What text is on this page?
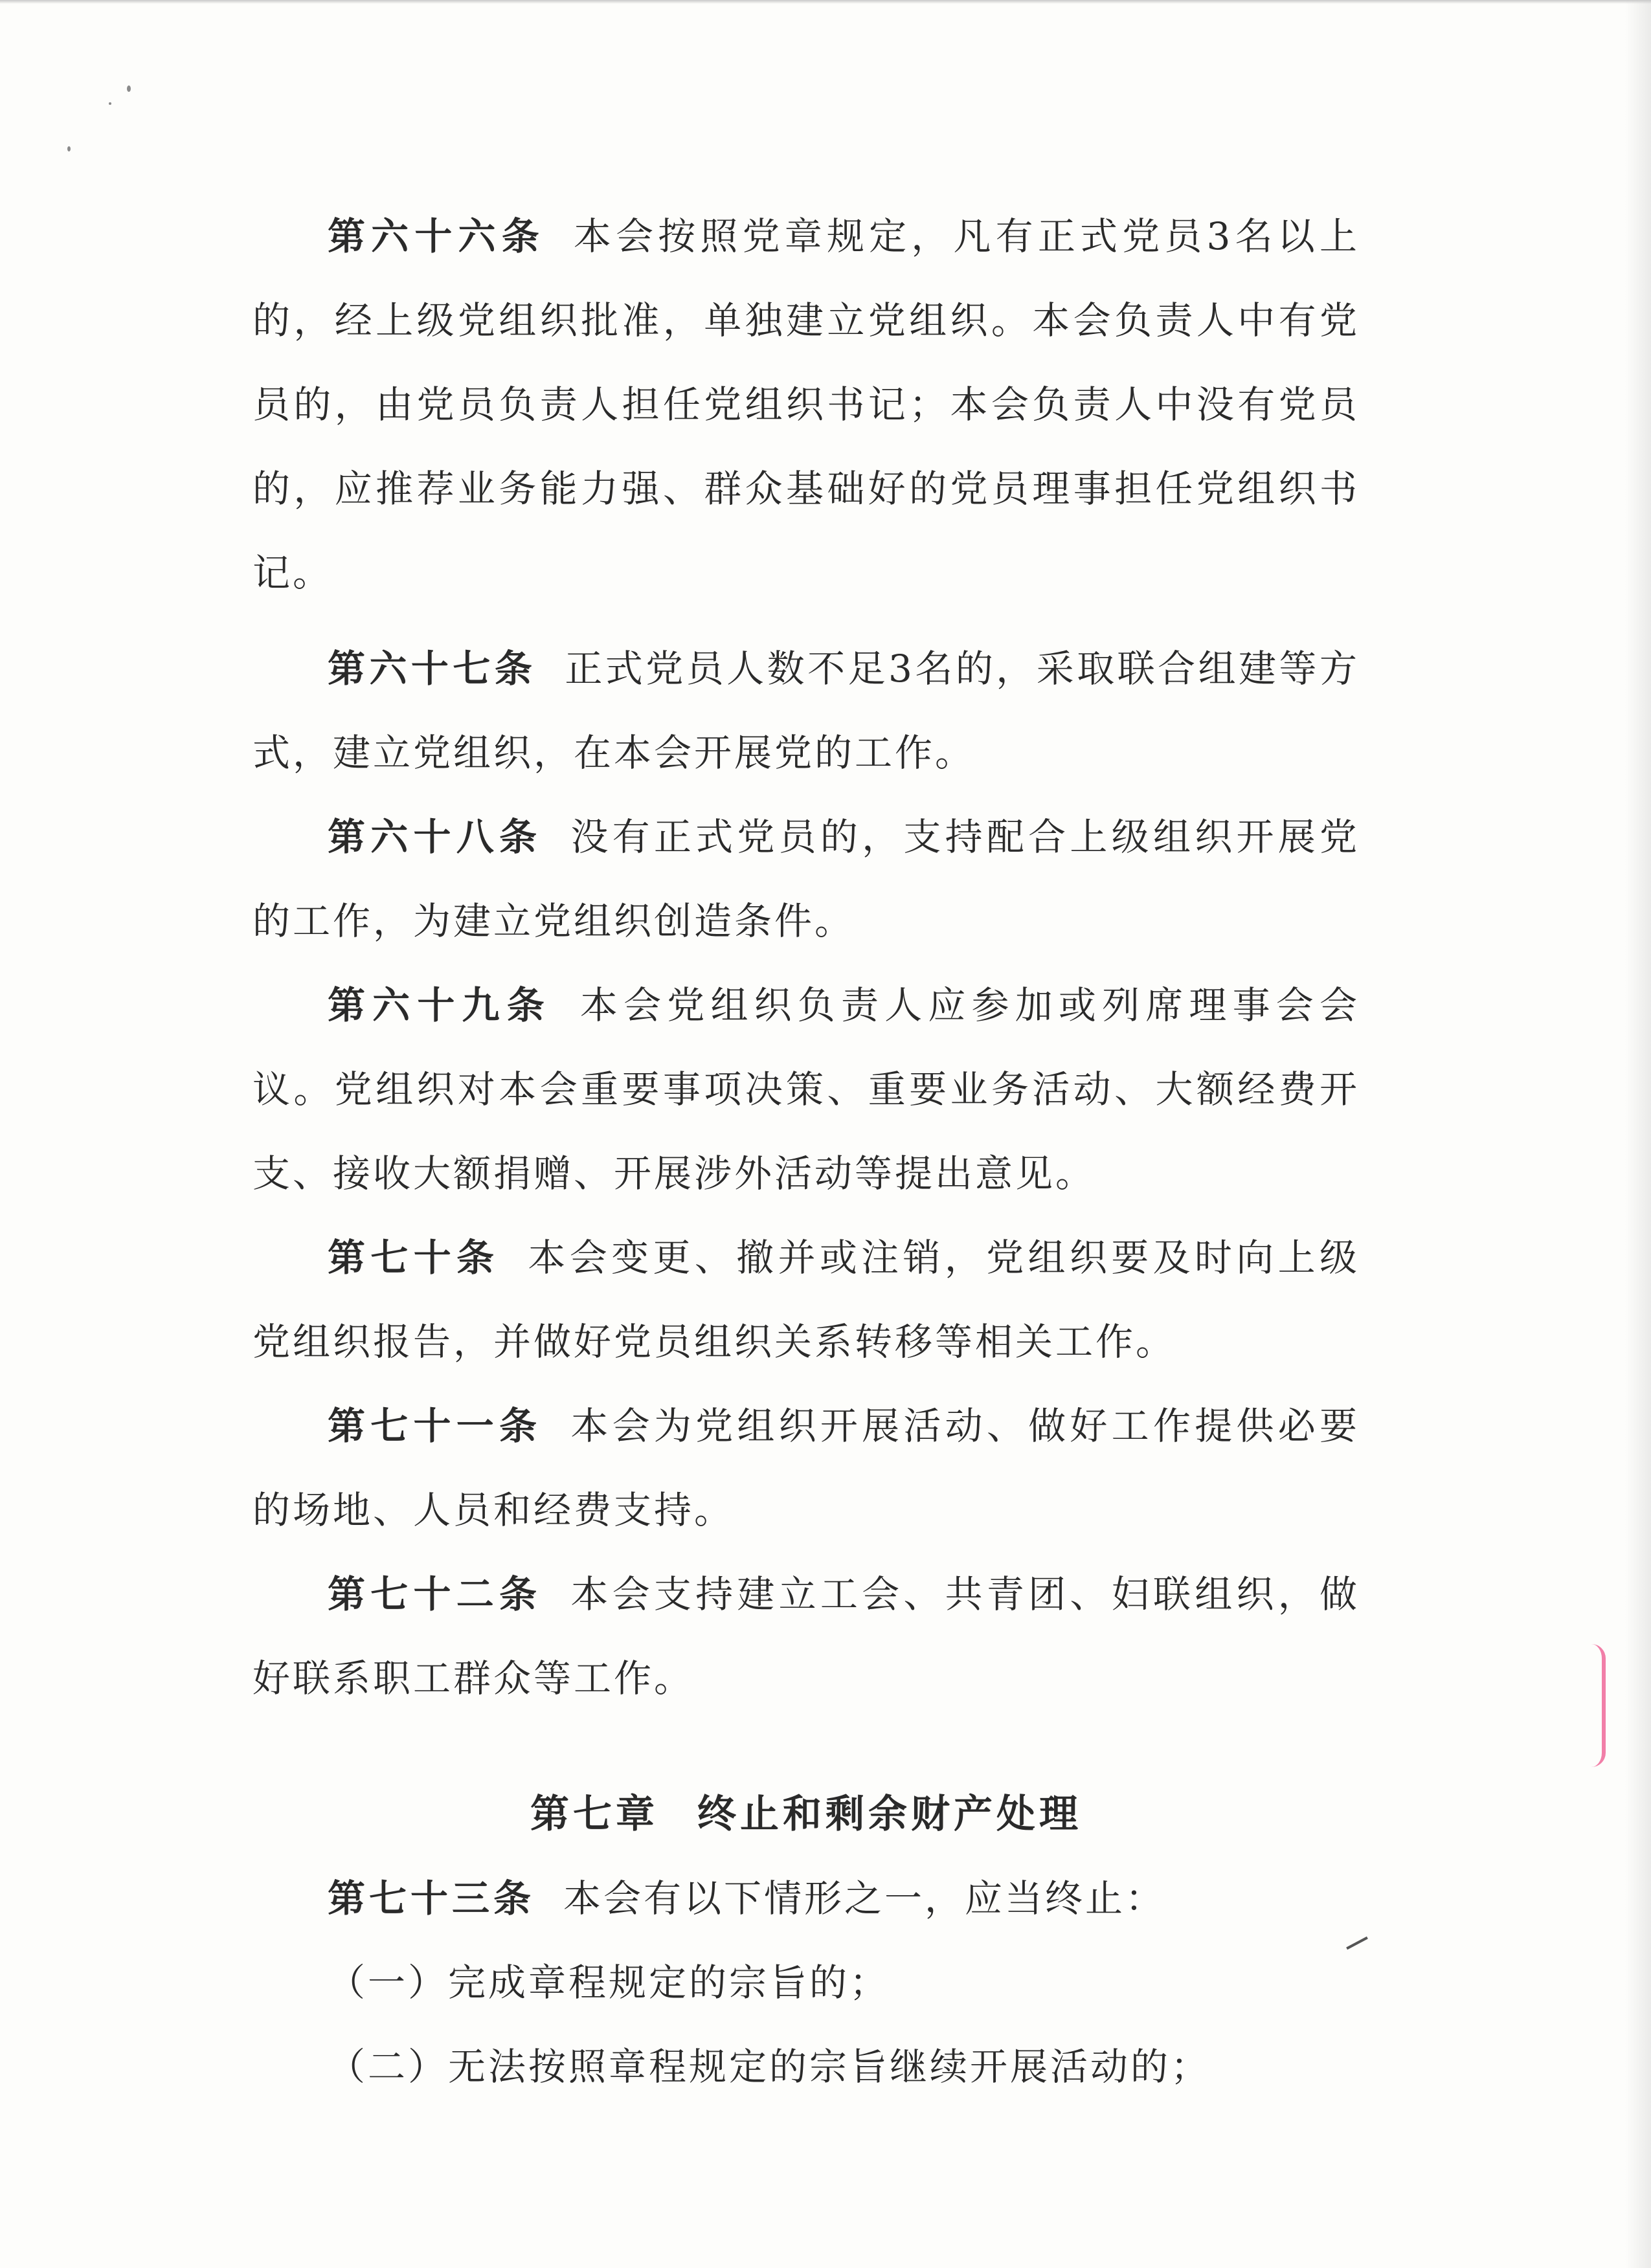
第六十六条 本会按照党章规定，凡有正式党员3名以上的，经上级党组织批准，单独建立党组织。本会负责人中有党员的，由党员负责人担任党组织书记；本会负责人中没有党员的，应推荐业务能力强、群众基础好的党员理事担任党组织书记。

第六十七条 正式党员人数不足3名的，采取联合组建等方式，建立党组织，在本会开展党的工作。

第六十八条 没有正式党员的，支持配合上级组织开展党的工作，为建立党组织创造条件。

第六十九条 本会党组织负责人应参加或列席理事会会议。党组织对本会重要事项决策、重要业务活动、大额经费开支、接收大额捐赠、开展涉外活动等提出意见。

第七十条 本会变更、撤并或注销，党组织要及时向上级党组织报告，并做好党员组织关系转移等相关工作。

第七十一条 本会为党组织开展活动、做好工作提供必要的场地、人员和经费支持。

第七十二条 本会支持建立工会、共青团、妇联组织，做好联系职工群众等工作。

第七章 终止和剩余财产处理

第七十三条 本会有以下情形之一，应当终止：

（一）完成章程规定的宗旨的；

（二）无法按照章程规定的宗旨继续开展活动的；
